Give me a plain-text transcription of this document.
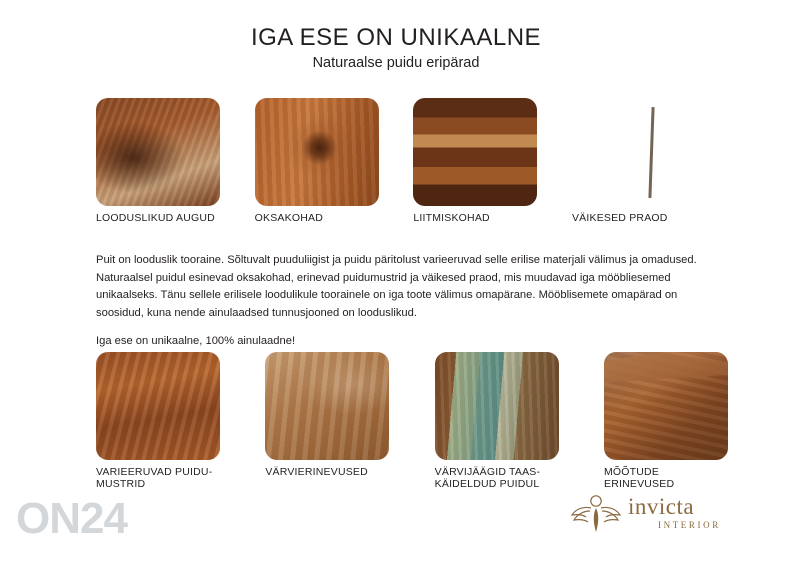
IGA ESE ON UNIKAALNE
Naturaalse puidu eripärad
LOODUSLIKUD AUGUD	OKSAKOHAD	LIITMISKOHAD	VÄIKESED PRAOD

Puit on looduslik tooraine. Sõltuvalt puuduliigist ja puidu päritolust varieeruvad selle erilise materjali välimus ja omadused. Naturaalsel puidul esinevad oksakohad, erinevad puidumustrid ja väikesed praod, mis muudavad iga mööbliesemed unikaalseks. Tänu sellele erilisele loodulikule toorainele on iga toote välimus omapärane. Mööblisemete omapärad on soosidud, kuna nende ainulaadsed tunnusjooned on looduslikud.

Iga ese on unikaalne, 100% ainulaadne!

VARIEERUVAD PUIDU-
MUSTRID
VÄRVIERINEVUSED	VÄRVIJÄÄGID TAAS-
KÄIDELDUD PUIDUL
MÕÕTUDE ERINEVUSED
ON24	invicta
INTERIOR
